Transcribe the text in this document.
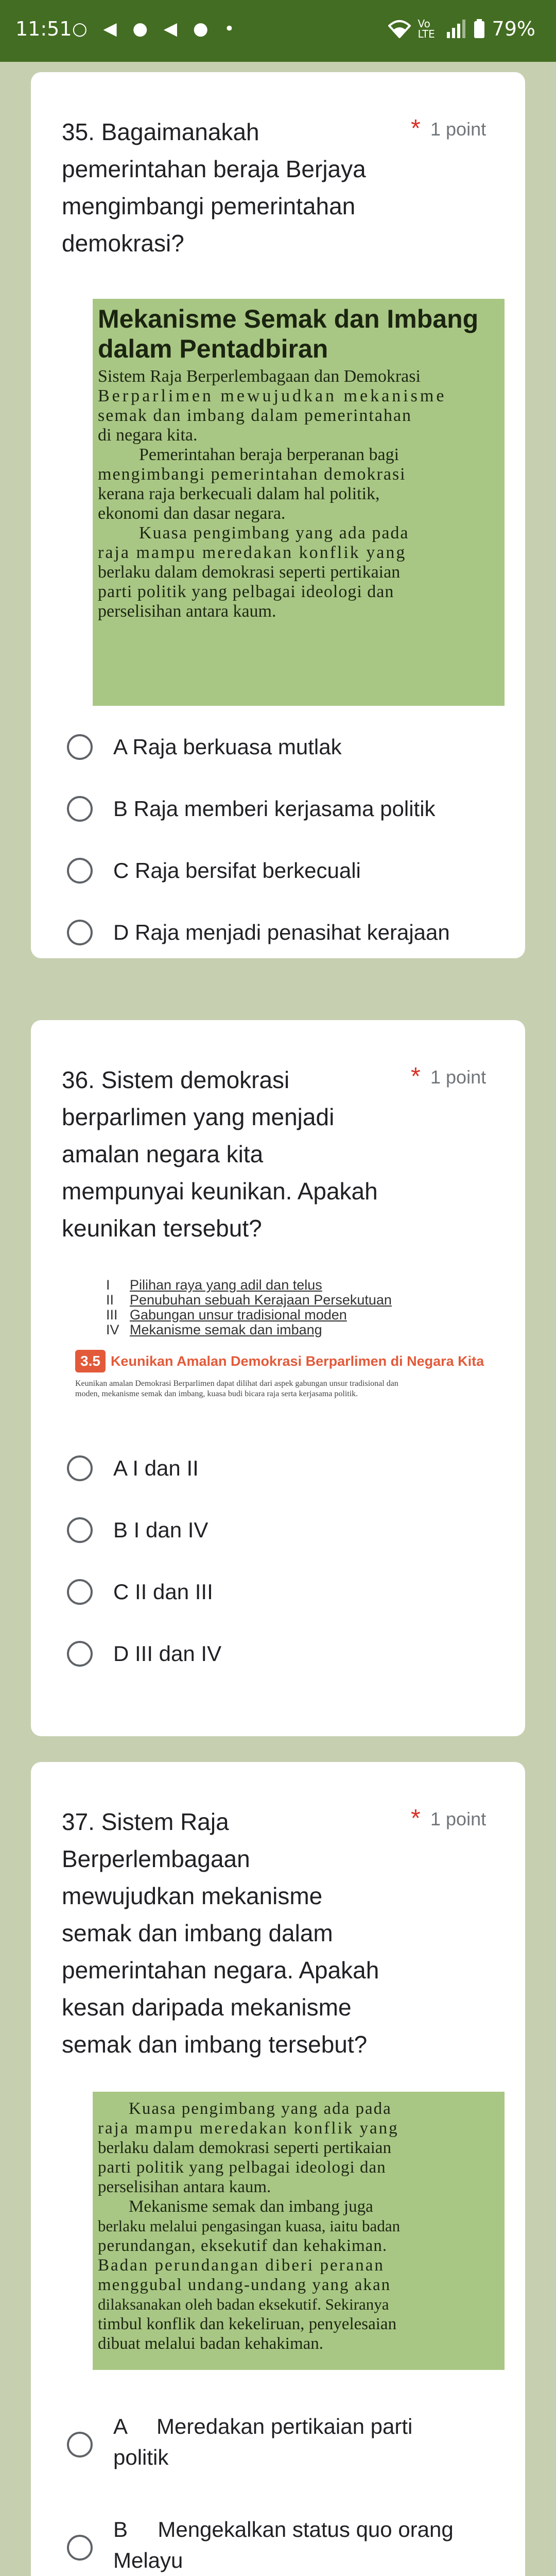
11:51 ○ ◀ ● ◀ ● •	Vo LTE	79%
35. Bagaimanakah
pemerintahan beraja Berjaya
mengimbangi pemerintahan
demokrasi?
* 1 point
Mekanisme Semak dan Imbang
dalam Pentadbiran
Sistem Raja Berperlembagaan dan Demokrasi
Berparlimen mewujudkan mekanisme
semak dan imbang dalam pemerintahan
di negara kita.
Pemerintahan beraja berperanan bagi
mengimbangi pemerintahan demokrasi
kerana raja berkecuali dalam hal politik,
ekonomi dan dasar negara.
Kuasa pengimbang yang ada pada
raja mampu meredakan konflik yang
berlaku dalam demokrasi seperti pertikaian
parti politik yang pelbagai ideologi dan
perselisihan antara kaum.
A Raja berkuasa mutlak
B Raja memberi kerjasama politik
C Raja bersifat berkecuali
D Raja menjadi penasihat kerajaan
36. Sistem demokrasi
berparlimen yang menjadi
amalan negara kita
mempunyai keunikan. Apakah
keunikan tersebut?
* 1 point
I	Pilihan raya yang adil dan telus
II	Penubuhan sebuah Kerajaan Persekutuan
III Gabungan unsur tradisional moden
IV Mekanisme semak dan imbang
3.5 Keunikan Amalan Demokrasi Berparlimen di Negara Kita
Keunikan amalan Demokrasi Berparlimen dapat dilihat dari aspek gabungan unsur tradisional dan
moden, mekanisme semak dan imbang, kuasa budi bicara raja serta kerjasama politik.
A I dan II
B I dan IV
C II dan III
D III dan IV
37. Sistem Raja
Berperlembagaan
mewujudkan mekanisme
semak dan imbang dalam
pemerintahan negara. Apakah
kesan daripada mekanisme
semak dan imbang tersebut?
* 1 point
Kuasa pengimbang yang ada pada
raja mampu meredakan konflik yang
berlaku dalam demokrasi seperti pertikaian
parti politik yang pelbagai ideologi dan
perselisihan antara kaum.
Mekanisme semak dan imbang juga
berlaku melalui pengasingan kuasa, iaitu badan
perundangan, eksekutif dan kehakiman.
Badan perundangan diberi peranan
menggubal undang-undang yang akan
dilaksanakan oleh badan eksekutif. Sekiranya
timbul konflik dan kekeliruan, penyelesaian
dibuat melalui badan kehakiman.
A     Meredakan pertikaian parti
politik
B     Mengekalkan status quo orang
Melayu
